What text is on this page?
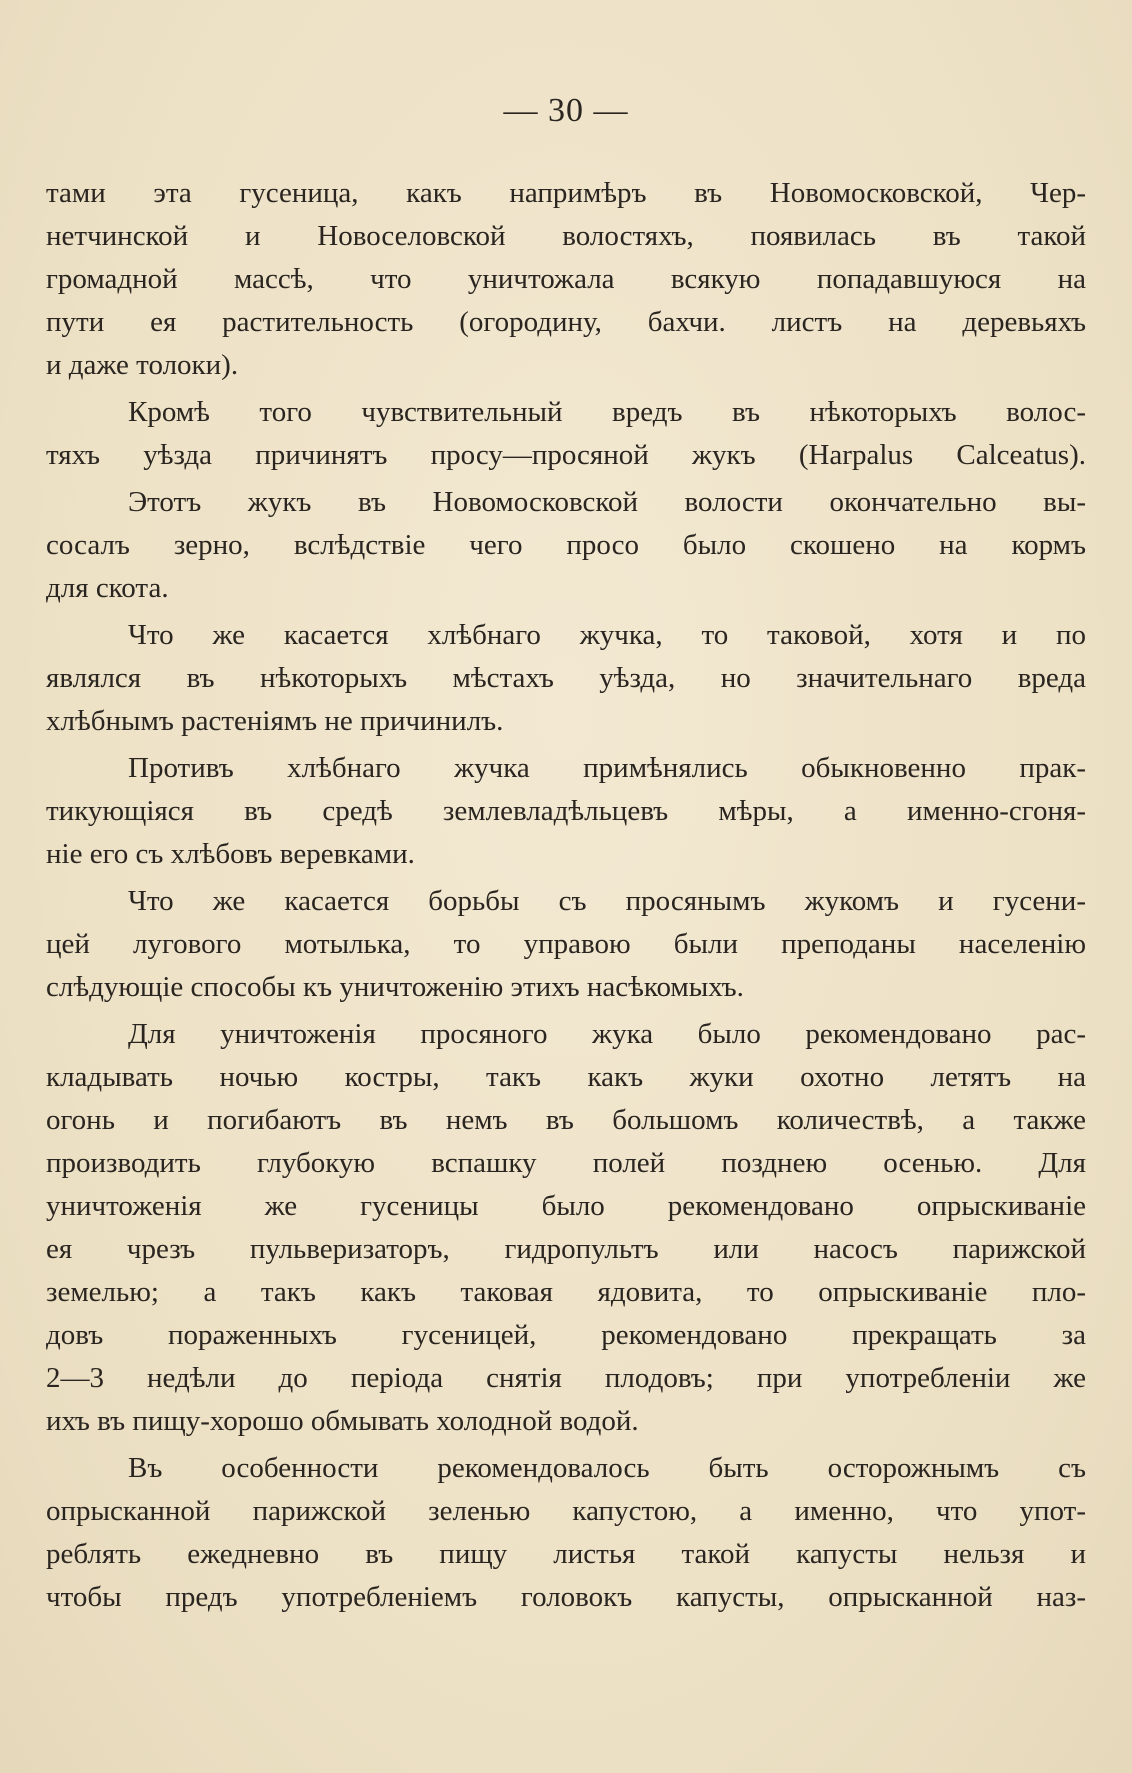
— 30 —
тами эта гусеница, какъ напримѣръ въ Новомосковской, Чер-
нетчинской и Новоселовской волостяхъ, появилась въ такой
громадной массѣ, что уничтожала всякую попадавшуюся на
пути ея растительность (огородину, бахчи. листъ на деревьяхъ
и даже толоки).
Кромѣ того чувствительный вредъ въ нѣкоторыхъ волос-
тяхъ уѣзда причинятъ просу—просяной жукъ (Harpalus Calceatus).
Этотъ жукъ въ Новомосковской волости окончательно вы-
сосалъ зерно, вслѣдствіе чего просо было скошено на кормъ
для скота.
Что же касается хлѣбнаго жучка, то таковой, хотя и по
являлся въ нѣкоторыхъ мѣстахъ уѣзда, но значительнаго вреда
хлѣбнымъ растеніямъ не причинилъ.
Противъ хлѣбнаго жучка примѣнялись обыкновенно прак-
тикующіяся въ средѣ землевладѣльцевъ мѣры, а именно-сгоня-
ніе его съ хлѣбовъ веревками.
Что же касается борьбы съ просянымъ жукомъ и гусени-
цей лугового мотылька, то управою были преподаны населенію
слѣдующіе способы къ уничтоженію этихъ насѣкомыхъ.
Для уничтоженія просяного жука было рекомендовано рас-
кладывать ночью костры, такъ какъ жуки охотно летятъ на
огонь и погибаютъ въ немъ въ большомъ количествѣ, а также
производить глубокую вспашку полей позднею осенью. Для
уничтоженія же гусеницы было рекомендовано опрыскиваніе
ея чрезъ пульверизаторъ, гидропультъ или насосъ парижской
земелью; а такъ какъ таковая ядовита, то опрыскиваніе пло-
довъ пораженныхъ гусеницей, рекомендовано прекращать за
2—3 недѣли до періода снятія плодовъ; при употребленіи же
ихъ въ пищу-хорошо обмывать холодной водой.
Въ особенности рекомендовалось быть осторожнымъ съ
опрысканной парижской зеленью капустою, а именно, что упот-
реблять ежедневно въ пищу листья такой капусты нельзя и
чтобы предъ употребленіемъ головокъ капусты, опрысканной наз-
